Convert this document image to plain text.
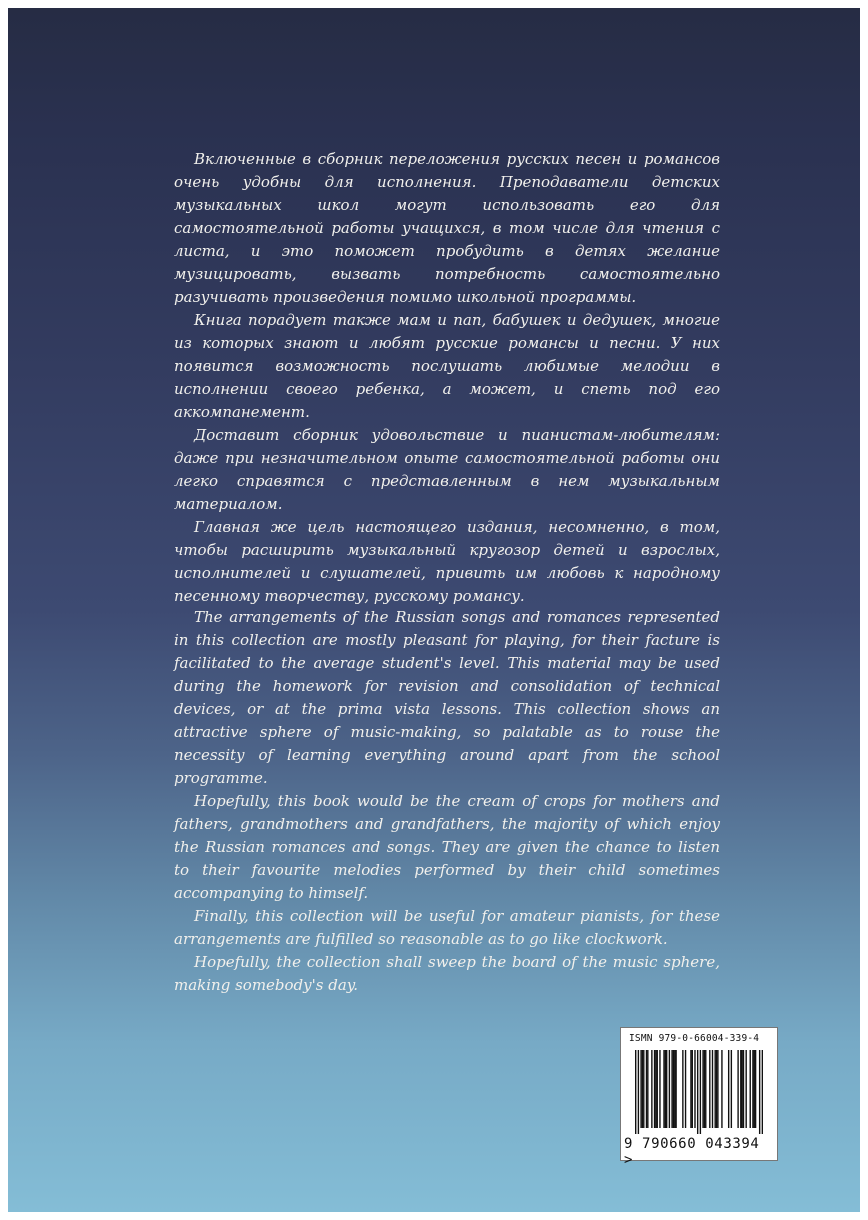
Включенные в сборник переложения русских песен и романсов очень удобны для исполнения. Преподаватели детских музыкальных школ могут использовать его для самостоятельной работы учащихся, в том числе для чтения с листа, и это поможет пробудить в детях желание музицировать, вызвать потребность самостоятельно разучивать произведения помимо школьной программы.

Книга порадует также мам и пап, бабушек и дедушек, многие из которых знают и любят русские романсы и песни. У них появится возможность послушать любимые мелодии в исполнении своего ребенка, а может, и спеть под его аккомпанемент.

Доставит сборник удовольствие и пианистам-любителям: даже при незначительном опыте самостоятельной работы они легко справятся с представленным в нем музыкальным материалом.

Главная же цель настоящего издания, несомненно, в том, чтобы расширить музыкальный кругозор детей и взрослых, исполнителей и слушателей, привить им любовь к народному песенному творчеству, русскому романсу.

The arrangements of the Russian songs and romances represented in this collection are mostly pleasant for playing, for their facture is facilitated to the average student's level. This material may be used during the homework for revision and consolidation of technical devices, or at the prima vista lessons. This collection shows an attractive sphere of music-making, so palatable as to rouse the necessity of learning everything around apart from the school programme.

Hopefully, this book would be the cream of crops for mothers and fathers, grandmothers and grandfathers, the majority of which enjoy the Russian romances and songs. They are given the chance to listen to their favourite melodies performed by their child sometimes accompanying to himself.

Finally, this collection will be useful for amateur pianists, for these arrangements are fulfilled so reasonable as to go like clockwork.

Hopefully, the collection shall sweep the board of the music sphere, making somebody's day.

ISMN 979-0-66004-339-4
9 790660 043394 >
